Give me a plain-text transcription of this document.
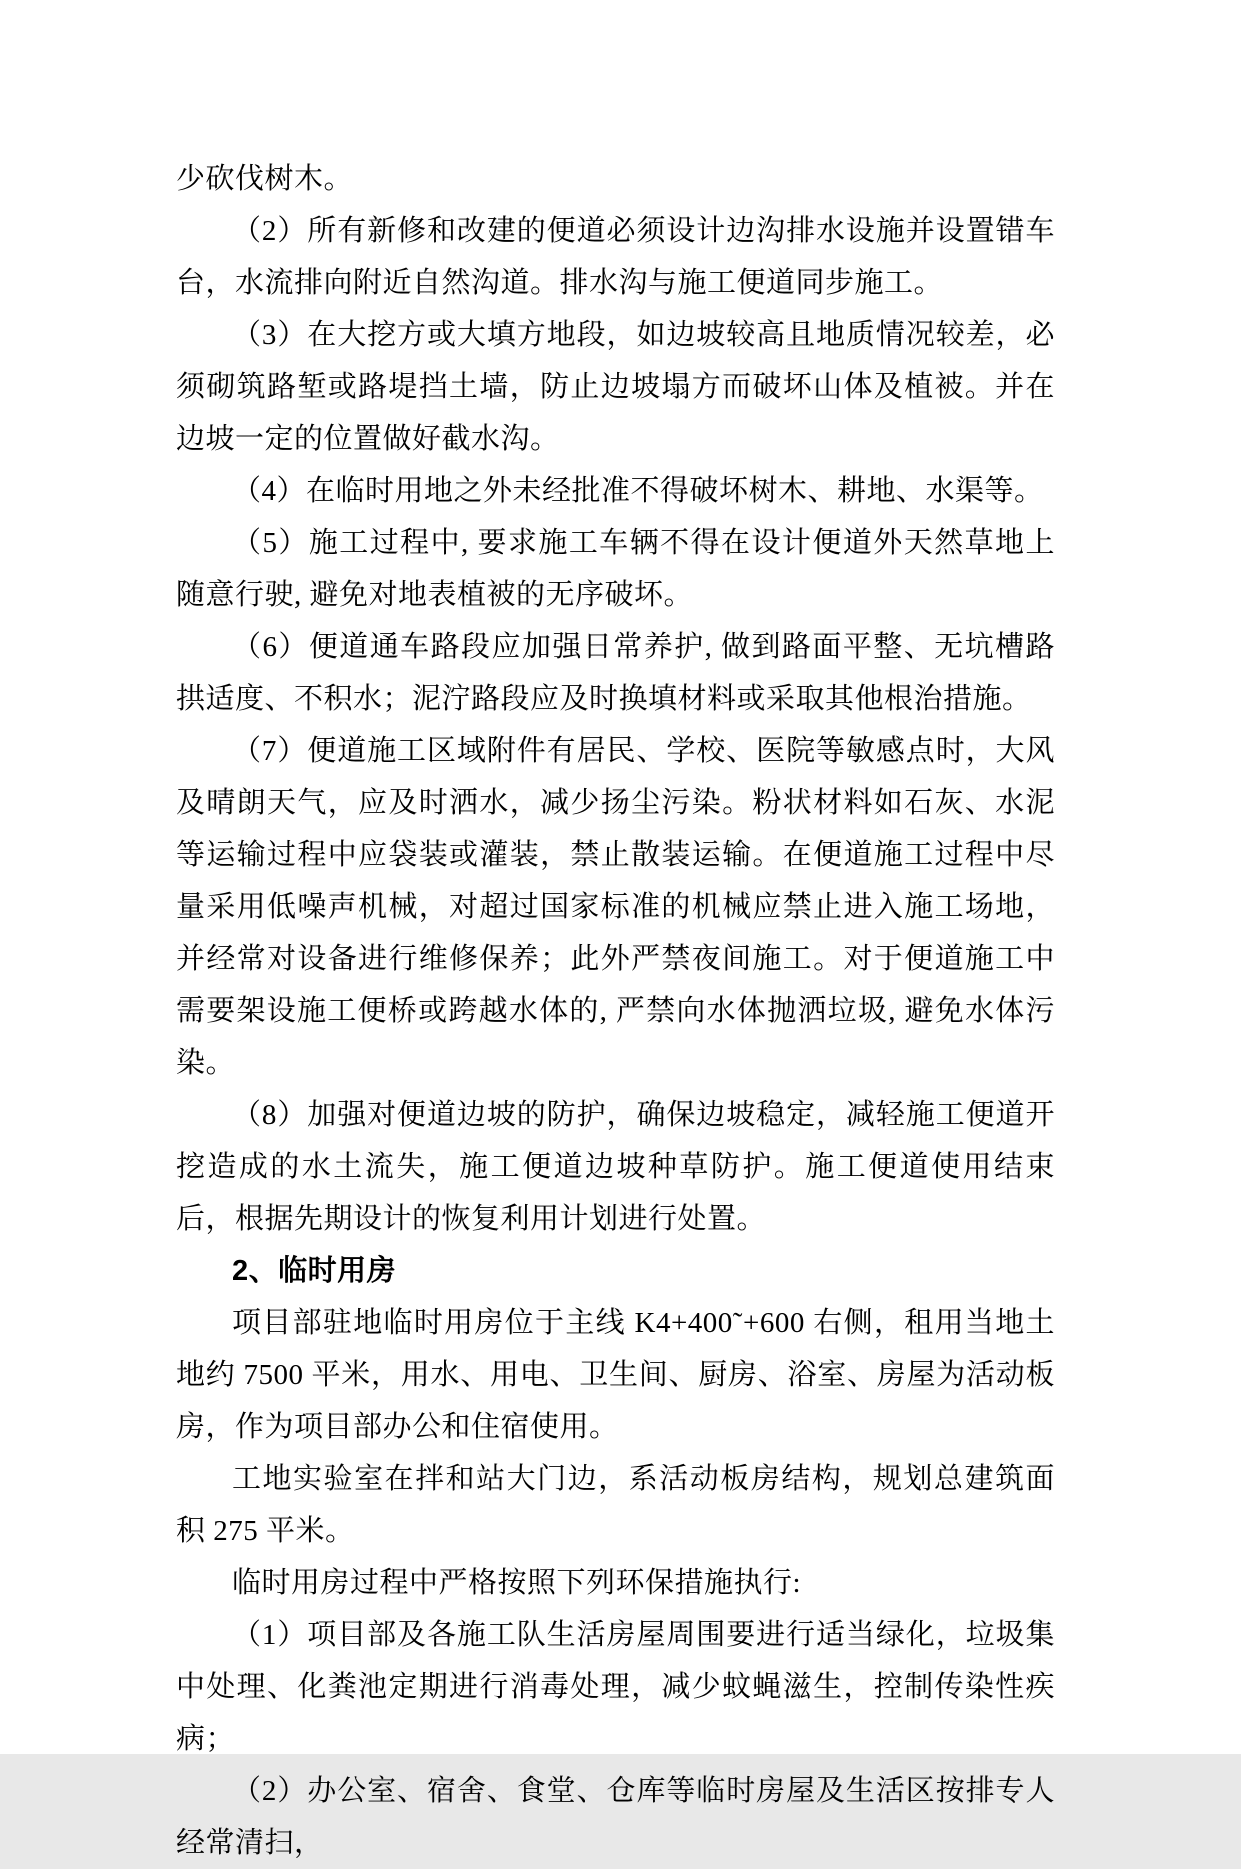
少砍伐树木。

（2）所有新修和改建的便道必须设计边沟排水设施并设置错车台，水流排向附近自然沟道。排水沟与施工便道同步施工。

（3）在大挖方或大填方地段，如边坡较高且地质情况较差，必须砌筑路堑或路堤挡土墙，防止边坡塌方而破坏山体及植被。并在边坡一定的位置做好截水沟。

（4）在临时用地之外未经批准不得破坏树木、耕地、水渠等。

（5）施工过程中, 要求施工车辆不得在设计便道外天然草地上随意行驶, 避免对地表植被的无序破坏。

（6）便道通车路段应加强日常养护, 做到路面平整、无坑槽路拱适度、不积水；泥泞路段应及时换填材料或采取其他根治措施。

（7）便道施工区域附件有居民、学校、医院等敏感点时，大风及晴朗天气，应及时洒水，减少扬尘污染。粉状材料如石灰、水泥等运输过程中应袋装或灌装，禁止散装运输。在便道施工过程中尽量采用低噪声机械，对超过国家标准的机械应禁止进入施工场地，并经常对设备进行维修保养；此外严禁夜间施工。对于便道施工中需要架设施工便桥或跨越水体的, 严禁向水体抛洒垃圾, 避免水体污染。

（8）加强对便道边坡的防护，确保边坡稳定，减轻施工便道开挖造成的水土流失，施工便道边坡种草防护。施工便道使用结束后，根据先期设计的恢复利用计划进行处置。

2、临时用房

项目部驻地临时用房位于主线 K4+400˜+600 右侧，租用当地土地约 7500 平米，用水、用电、卫生间、厨房、浴室、房屋为活动板房，作为项目部办公和住宿使用。

工地实验室在拌和站大门边，系活动板房结构，规划总建筑面积 275 平米。

临时用房过程中严格按照下列环保措施执行:

（1）项目部及各施工队生活房屋周围要进行适当绿化，垃圾集中处理、化粪池定期进行消毒处理，减少蚊蝇滋生，控制传染性疾病；

（2）办公室、宿舍、食堂、仓库等临时房屋及生活区按排专人经常清扫，
